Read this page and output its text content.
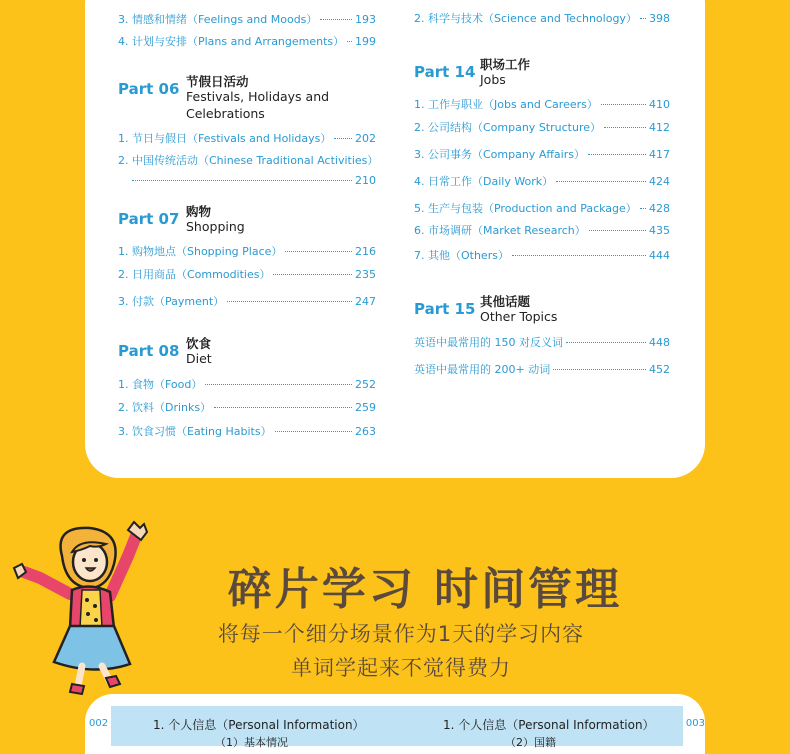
3. 情感和情绪（Feelings and Moods）	193
4. 计划与安排（Plans and Arrangements） 199
Part 06 节假日活动
Festivals, Holidays and Celebrations
1. 节日与假日（Festivals and Holidays） 202
2. 中国传统活动（Chinese Traditional Activities）
210
Part 07 购物
Shopping
1. 购物地点（Shopping Place）	216
2. 日用商品（Commodities）	235
3. 付款（Payment）	247
Part 08 饮食
Diet
1. 食物（Food）	252
2. 饮料（Drinks）	259
3. 饮食习惯（Eating Habits）	263
2. 科学与技术（Science and Technology） 398
Part 14 职场工作
Jobs
1. 工作与职业（Jobs and Careers）	410
2. 公司结构（Company Structure）	412
3. 公司事务（Company Affairs）	417
4. 日常工作（Daily Work）	424
5. 生产与包装（Production and Package） 428
6. 市场调研（Market Research）	435
7. 其他（Others）	444
Part 15 其他话题
Other Topics
英语中最常用的 150 对反义词	448
英语中最常用的 200+ 动词	452
碎片学习 时间管理
将每一个细分场景作为1天的学习内容
单词学起来不觉得费力
002	003
1. 个人信息（Personal Information）	1. 个人信息（Personal Information）
（1）基本情况	（2）国籍
